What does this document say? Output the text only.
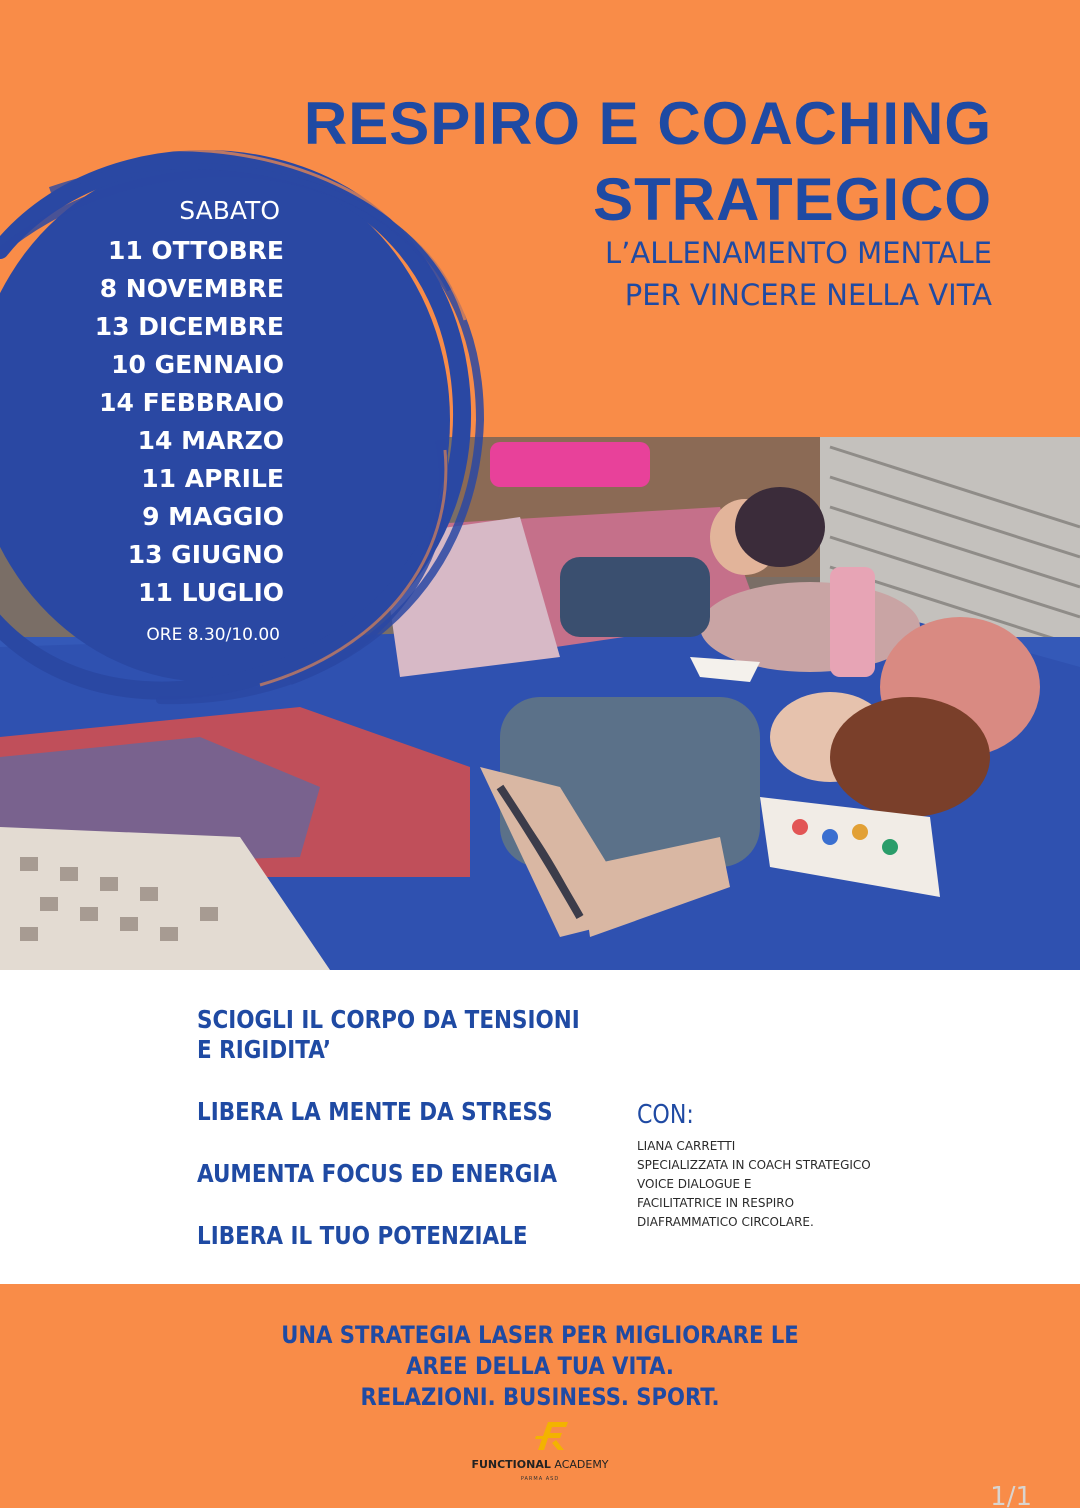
RESPIRO E COACHING
STRATEGICO

L’ALLENAMENTO MENTALE
PER VINCERE NELLA VITA

SABATO
11 OTTOBRE
8 NOVEMBRE
13 DICEMBRE
10 GENNAIO
14 FEBBRAIO
14 MARZO
11 APRILE
9 MAGGIO
13 GIUGNO
11 LUGLIO
ORE 8.30/10.00
SCIOGLI IL CORPO DA TENSIONI E RIGIDITA’
LIBERA LA MENTE DA STRESS
AUMENTA FOCUS ED ENERGIA
LIBERA IL TUO POTENZIALE
CON:
LIANA CARRETTI
SPECIALIZZATA IN COACH STRATEGICO
VOICE DIALOGUE E
FACILITATRICE IN RESPIRO
DIAFRAMMATICO CIRCOLARE.
UNA STRATEGIA LASER PER MIGLIORARE LE
AREE DELLA TUA VITA.
RELAZIONI. BUSINESS. SPORT.
FUNCTIONAL ACADEMY
PARMA ASD
1/1
